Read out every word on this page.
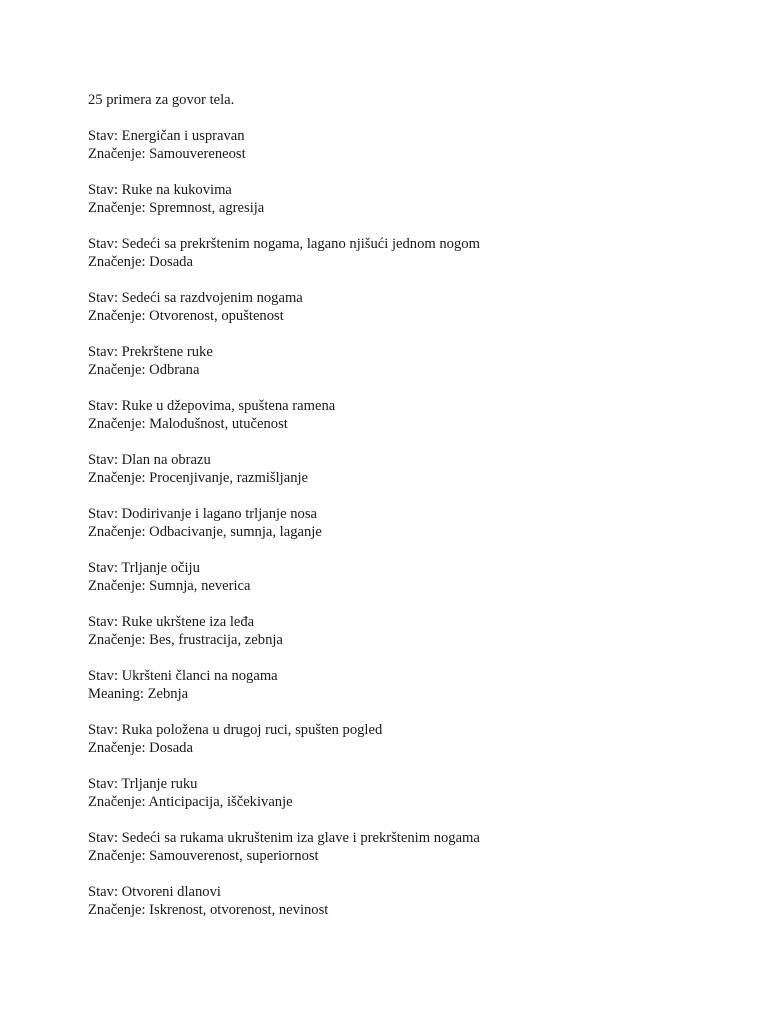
25 primera za govor tela.
Stav: Energičan i uspravan
Značenje: Samouvereneost
Stav: Ruke na kukovima
Značenje: Spremnost, agresija
Stav: Sedeći sa prekrštenim nogama, lagano njišući jednom nogom
Značenje: Dosada
Stav: Sedeći sa razdvojenim nogama
Značenje: Otvorenost, opuštenost
Stav: Prekrštene ruke
Značenje: Odbrana
Stav: Ruke u džepovima, spuštena ramena
Značenje: Malodušnost, utučenost
Stav: Dlan na obrazu
Značenje: Procenjivanje, razmišljanje
Stav: Dodirivanje i lagano trljanje nosa
Značenje: Odbacivanje, sumnja, laganje
Stav: Trljanje očiju
Značenje: Sumnja, neverica
Stav: Ruke ukrštene iza leđa
Značenje: Bes, frustracija, zebnja
Stav: Ukršteni članci na nogama
Meaning: Zebnja
Stav: Ruka položena u drugoj ruci, spušten pogled
Značenje: Dosada
Stav: Trljanje ruku
Značenje: Anticipacija, iščekivanje
Stav: Sedeći sa rukama ukruštenim iza glave i prekrštenim nogama
Značenje: Samouverenost, superiornost
Stav: Otvoreni dlanovi
Značenje: Iskrenost, otvorenost, nevinost
